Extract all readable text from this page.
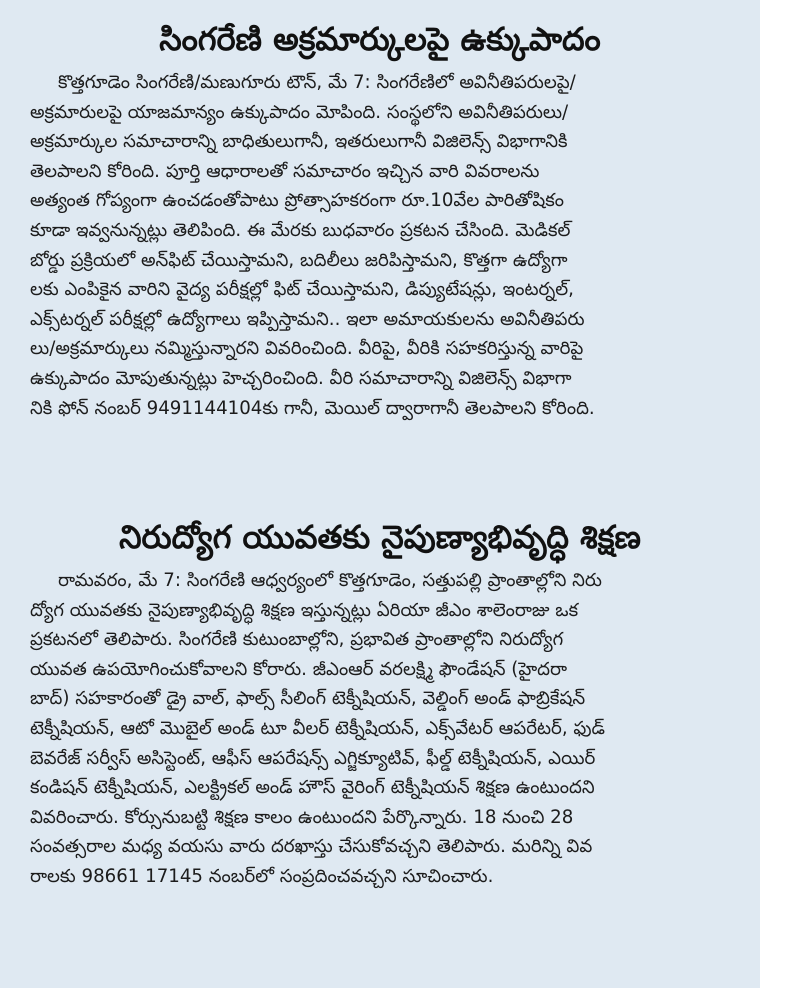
సింగరేణి అక్రమార్కులపై ఉక్కుపాదం
కొత్తగూడెం సింగరేణి/మణుగూరు టౌన్, మే 7: సింగరేణిలో అవినీతిపరులపై/
అక్రమారులపై యాజమాన్యం ఉక్కుపాదం మోపింది. సంస్థలోని అవినీతిపరులు/
అక్రమార్కుల సమాచారాన్ని బాధితులుగానీ, ఇతరులుగానీ విజిలెన్స్ విభాగానికి
తెలపాలని కోరింది. పూర్తి ఆధారాలతో సమాచారం ఇచ్చిన వారి వివరాలను
అత్యంత గోప్యంగా ఉంచడంతోపాటు ప్రోత్సాహకరంగా రూ.10వేల పారితోషికం
కూడా ఇవ్వనున్నట్లు తెలిపింది. ఈ మేరకు బుధవారం ప్రకటన చేసింది. మెడికల్
బోర్డు ప్రక్రియలో అన్‌ఫిట్ చేయిస్తామని, బదిలీలు జరిపిస్తామని, కొత్తగా ఉద్యోగా
లకు ఎంపికైన వారిని వైద్య పరీక్షల్లో ఫిట్ చేయిస్తామని, డిప్యుటేషన్లు, ఇంటర్నల్,
ఎక్స్‌టర్నల్ పరీక్షల్లో ఉద్యోగాలు ఇప్పిస్తామని.. ఇలా అమాయకులను అవినీతిపరు
లు/అక్రమార్కులు నమ్మిస్తున్నారని వివరించింది. వీరిపై, వీరికి సహకరిస్తున్న వారిపై
ఉక్కుపాదం మోపుతున్నట్లు హెచ్చరించింది. వీరి సమాచారాన్ని విజిలెన్స్ విభాగా
నికి ఫోన్ నంబర్ 9491144104కు గానీ, మెయిల్ ద్వారాగానీ తెలపాలని కోరింది.
నిరుద్యోగ యువతకు నైపుణ్యాభివృద్ధి శిక్షణ
రామవరం, మే 7: సింగరేణి ఆధ్వర్యంలో కొత్తగూడెం, సత్తుపల్లి ప్రాంతాల్లోని నిరు
ద్యోగ యువతకు నైపుణ్యాభివృద్ధి శిక్షణ ఇస్తున్నట్లు ఏరియా జీఎం శాలెంరాజు ఒక
ప్రకటనలో తెలిపారు. సింగరేణి కుటుంబాల్లోని, ప్రభావిత ప్రాంతాల్లోని నిరుద్యోగ
యువత ఉపయోగించుకోవాలని కోరారు. జీఎంఆర్ వరలక్ష్మి ఫౌండేషన్ (హైదరా
బాద్) సహకారంతో డ్రై వాల్, ఫాల్స్ సీలింగ్ టెక్నీషియన్, వెల్డింగ్ అండ్ ఫాబ్రికేషన్
టెక్నీషియన్, ఆటో మొబైల్ అండ్ టూ వీలర్ టెక్నీషియన్, ఎక్స్‌వేటర్ ఆపరేటర్, ఫుడ్
బెవరేజ్ సర్వీస్ అసిస్టెంట్, ఆఫీస్ ఆపరేషన్స్ ఎగ్జిక్యూటివ్, ఫీల్డ్ టెక్నీషియన్, ఎయిర్
కండిషన్ టెక్నీషియన్, ఎలక్ట్రికల్ అండ్ హౌస్ వైరింగ్ టెక్నీషియన్ శిక్షణ ఉంటుందని
వివరించారు. కోర్సునుబట్టి శిక్షణ కాలం ఉంటుందని పేర్కొన్నారు. 18 నుంచి 28
సంవత్సరాల మధ్య వయసు వారు దరఖాస్తు చేసుకోవచ్చని తెలిపారు. మరిన్ని వివ
రాలకు 98661 17145 నంబర్‌లో సంప్రదించవచ్చని సూచించారు.
